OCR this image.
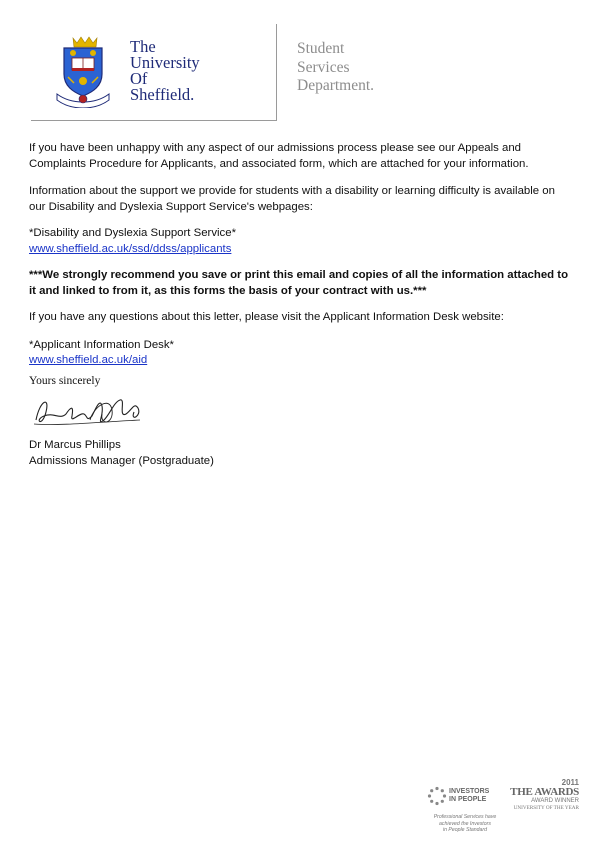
The
University
Of
Sheffield.
Student
Services
Department.

If you have been unhappy with any aspect of our admissions process please see our Appeals and Complaints Procedure for Applicants, and associated form, which are attached for your information.

Information about the support we provide for students with a disability or learning difficulty is available on our Disability and Dyslexia Support Service's webpages:

*Disability and Dyslexia Support Service*
www.sheffield.ac.uk/ssd/ddss/applicants

***We strongly recommend you save or print this email and copies of all the information attached to it and linked to from it, as this forms the basis of your contract with us.***

If you have any questions about this letter, please visit the Applicant Information Desk website:

*Applicant Information Desk*
www.sheffield.ac.uk/aid

Yours sincerely
Dr Marcus Phillips
Admissions Manager (Postgraduate)
INVESTORS
IN PEOPLE
Professional Services have
achieved the Investors
in People Standard
2011
THE AWARDS
AWARD WINNER
UNIVERSITY OF THE YEAR
